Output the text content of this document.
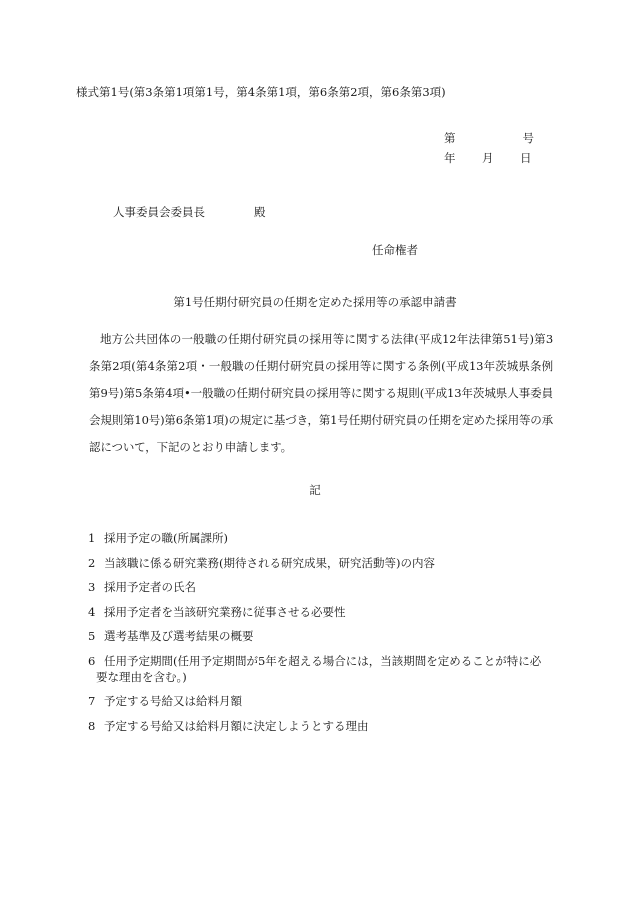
様式第1号(第3条第1項第1号，第4条第1項，第6条第2項，第6条第3項)
第	号
年	月	日
人事委員会委員長	殿
任命権者
第1号任期付研究員の任期を定めた採用等の承認申請書
地方公共団体の一般職の任期付研究員の採用等に関する法律(平成12年法律第51号)第3条第2項(第4条第2項・一般職の任期付研究員の採用等に関する条例(平成13年茨城県条例第9号)第5条第4項•一般職の任期付研究員の採用等に関する規則(平成13年茨城県人事委員会規則第10号)第6条第1項)の規定に基づき，第1号任期付研究員の任期を定めた採用等の承認について，下記のとおり申請します。
記
1 採用予定の職(所属課所)
2 当該職に係る研究業務(期待される研究成果，研究活動等)の内容
3 採用予定者の氏名
4 採用予定者を当該研究業務に従事させる必要性
5 選考基準及び選考結果の概要
6 任用予定期間(任用予定期間が5年を超える場合には，当該期間を定めることが特に必
要な理由を含む。)
7 予定する号給又は給料月額
8 予定する号給又は給料月額に決定しようとする理由
